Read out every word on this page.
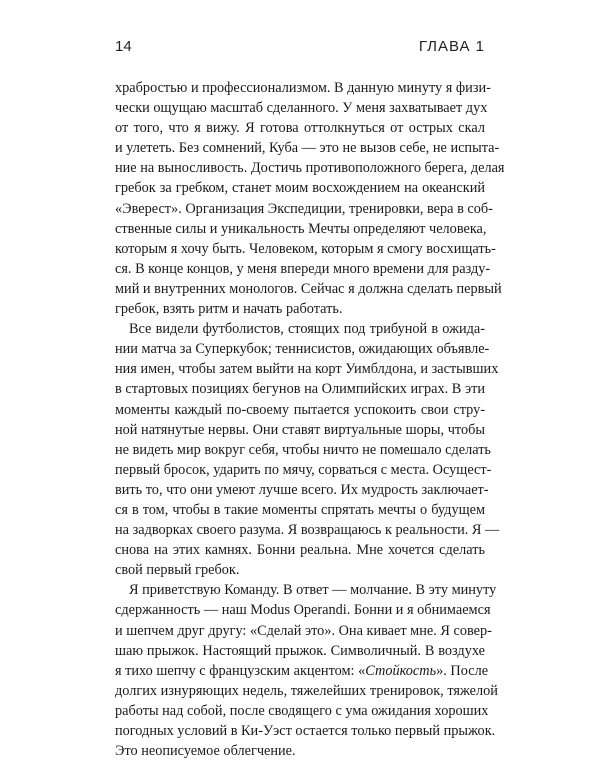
14	ГЛАВА 1
храбростью и профессионализмом. В данную минуту я физи-
чески ощущаю масштаб сделанного. У меня захватывает дух
от того, что я вижу. Я готова оттолкнуться от острых скал
и улететь. Без сомнений, Куба — это не вызов себе, не испыта-
ние на выносливость. Достичь противоположного берега, делая
гребок за гребком, станет моим восхождением на океанский
«Эверест». Организация Экспедиции, тренировки, вера в соб-
ственные силы и уникальность Мечты определяют человека,
которым я хочу быть. Человеком, которым я смогу восхищать-
ся. В конце концов, у меня впереди много времени для разду-
мий и внутренних монологов. Сейчас я должна сделать первый
гребок, взять ритм и начать работать.
Все видели футболистов, стоящих под трибуной в ожида-
нии матча за Суперкубок; теннисистов, ожидающих объявле-
ния имен, чтобы затем выйти на корт Уимблдона, и застывших
в стартовых позициях бегунов на Олимпийских играх. В эти
моменты каждый по-своему пытается успокоить свои стру-
ной натянутые нервы. Они ставят виртуальные шоры, чтобы
не видеть мир вокруг себя, чтобы ничто не помешало сделать
первый бросок, ударить по мячу, сорваться с места. Осущест-
вить то, что они умеют лучше всего. Их мудрость заключает-
ся в том, чтобы в такие моменты спрятать мечты о будущем
на задворках своего разума. Я возвращаюсь к реальности. Я —
снова на этих камнях. Бонни реальна. Мне хочется сделать
свой первый гребок.
Я приветствую Команду. В ответ — молчание. В эту минуту
сдержанность — наш Modus Operandi. Бонни и я обнимаемся
и шепчем друг другу: «Сделай это». Она кивает мне. Я совер-
шаю прыжок. Настоящий прыжок. Символичный. В воздухе
я тихо шепчу с французским акцентом: «Стойкость». После
долгих изнуряющих недель, тяжелейших тренировок, тяжелой
работы над собой, после сводящего с ума ожидания хороших
погодных условий в Ки-Уэст остается только первый прыжок.
Это неописуемое облегчение.
